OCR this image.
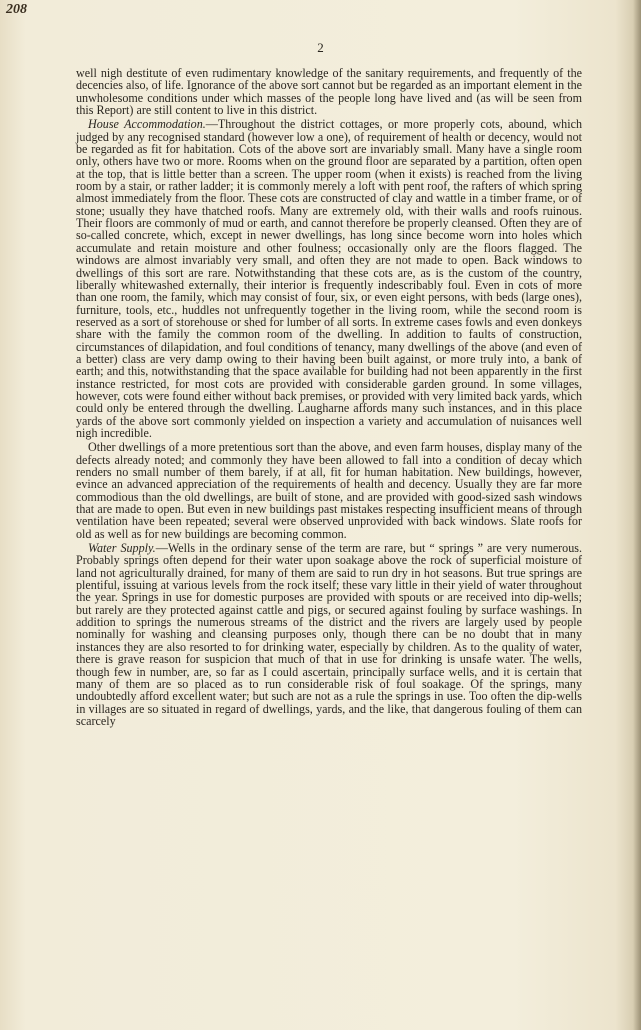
208
2

well nigh destitute of even rudimentary knowledge of the sanitary requirements, and frequently of the decencies also, of life. Ignorance of the above sort cannot but be regarded as an important element in the unwholesome conditions under which masses of the people long have lived and (as will be seen from this Report) are still content to live in this district.

House Accommodation.—Throughout the district cottages, or more properly cots, abound, which judged by any recognised standard (however low a one), of requirement of health or decency, would not be regarded as fit for habitation. Cots of the above sort are invariably small. Many have a single room only, others have two or more. Rooms when on the ground floor are separated by a partition, often open at the top, that is little better than a screen. The upper room (when it exists) is reached from the living room by a stair, or rather ladder; it is commonly merely a loft with pent roof, the rafters of which spring almost immediately from the floor. These cots are constructed of clay and wattle in a timber frame, or of stone; usually they have thatched roofs. Many are extremely old, with their walls and roofs ruinous. Their floors are commonly of mud or earth, and cannot therefore be properly cleansed. Often they are of so-called concrete, which, except in newer dwellings, has long since become worn into holes which accumulate and retain moisture and other foulness; occasionally only are the floors flagged. The windows are almost invariably very small, and often they are not made to open. Back windows to dwellings of this sort are rare. Notwithstanding that these cots are, as is the custom of the country, liberally whitewashed externally, their interior is frequently indescribably foul. Even in cots of more than one room, the family, which may consist of four, six, or even eight persons, with beds (large ones), furniture, tools, etc., huddles not unfrequently together in the living room, while the second room is reserved as a sort of storehouse or shed for lumber of all sorts. In extreme cases fowls and even donkeys share with the family the common room of the dwelling. In addition to faults of construction, circumstances of dilapidation, and foul conditions of tenancy, many dwellings of the above (and even of a better) class are very damp owing to their having been built against, or more truly into, a bank of earth; and this, notwithstanding that the space available for building had not been apparently in the first instance restricted, for most cots are provided with considerable garden ground. In some villages, however, cots were found either without back premises, or provided with very limited back yards, which could only be entered through the dwelling. Laugharne affords many such instances, and in this place yards of the above sort commonly yielded on inspection a variety and accumulation of nuisances well nigh incredible.

Other dwellings of a more pretentious sort than the above, and even farm houses, display many of the defects already noted; and commonly they have been allowed to fall into a condition of decay which renders no small number of them barely, if at all, fit for human habitation. New buildings, however, evince an advanced appreciation of the requirements of health and decency. Usually they are far more commodious than the old dwellings, are built of stone, and are provided with good-sized sash windows that are made to open. But even in new buildings past mistakes respecting insufficient means of through ventilation have been repeated; several were observed unprovided with back windows. Slate roofs for old as well as for new buildings are becoming common.

Water Supply.—Wells in the ordinary sense of the term are rare, but “ springs ” are very numerous. Probably springs often depend for their water upon soakage above the rock of superficial moisture of land not agriculturally drained, for many of them are said to run dry in hot seasons. But true springs are plentiful, issuing at various levels from the rock itself; these vary little in their yield of water throughout the year. Springs in use for domestic purposes are provided with spouts or are received into dip-wells; but rarely are they protected against cattle and pigs, or secured against fouling by surface washings. In addition to springs the numerous streams of the district and the rivers are largely used by people nominally for washing and cleansing purposes only, though there can be no doubt that in many instances they are also resorted to for drinking water, especially by children. As to the quality of water, there is grave reason for suspicion that much of that in use for drinking is unsafe water. The wells, though few in number, are, so far as I could ascertain, principally surface wells, and it is certain that many of them are so placed as to run considerable risk of foul soakage. Of the springs, many undoubtedly afford excellent water; but such are not as a rule the springs in use. Too often the dip-wells in villages are so situated in regard of dwellings, yards, and the like, that dangerous fouling of them can scarcely
